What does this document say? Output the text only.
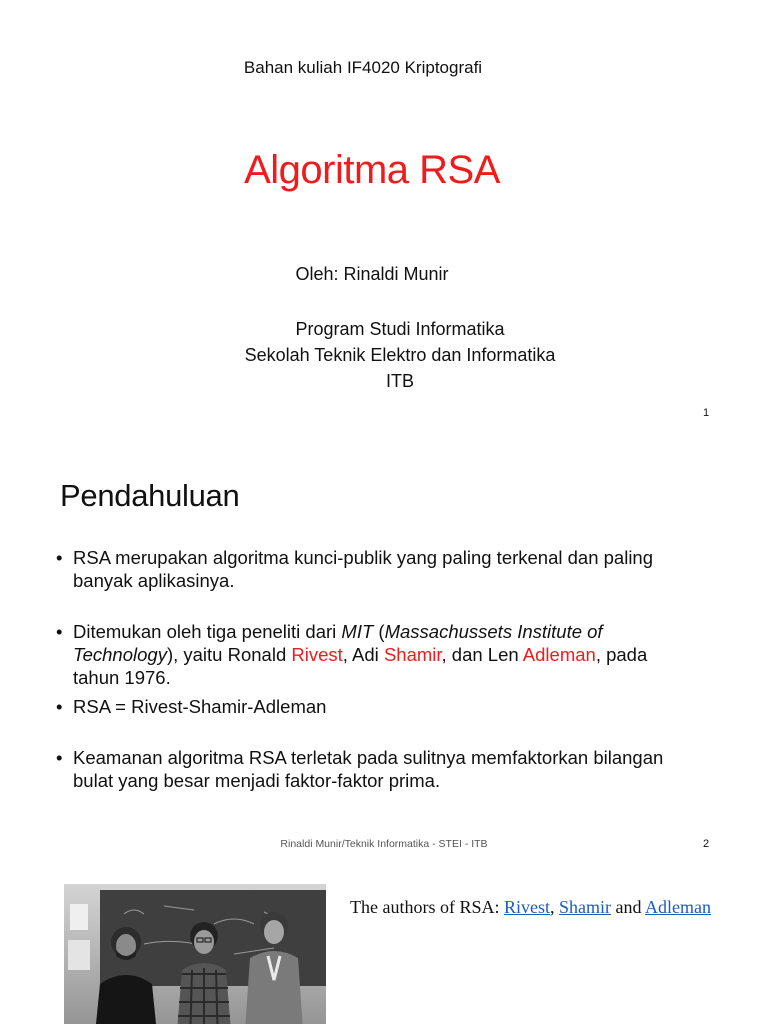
Bahan kuliah IF4020 Kriptografi
Algoritma RSA
Oleh: Rinaldi Munir
Program Studi Informatika
Sekolah Teknik Elektro dan Informatika
ITB
1
Pendahuluan
• RSA merupakan algoritma kunci-publik yang paling terkenal dan paling banyak aplikasinya.
• Ditemukan oleh tiga peneliti dari MIT (Massachussets Institute of Technology), yaitu Ronald Rivest, Adi Shamir, dan Len Adleman, pada tahun 1976.
• RSA = Rivest-Shamir-Adleman
• Keamanan algoritma RSA terletak pada sulitnya memfaktorkan bilangan bulat yang besar menjadi faktor-faktor prima.
Rinaldi Munir/Teknik Informatika - STEI - ITB	2
The authors of RSA: Rivest, Shamir and Adleman
